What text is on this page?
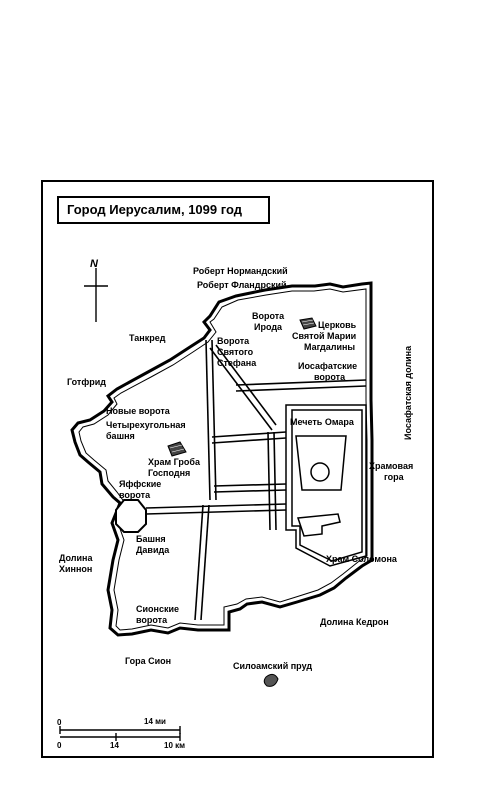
Город Иерусалим, 1099 год
N
Роберт Нормандский
Роберт Фландрский
Танкред
Готфрид
Новые ворота
Четырехугольная
башня
Храм Гроба
Господня
Яффские
ворота
Башня
Давида
Долина
Хиннон
Сионские
ворота
Гора Сион	Силоамский пруд
Долина Кедрон
Храм Соломона
Храмовая
гора
Мечеть Омара
Иосафатские
ворота	Иосафатская долина
Ворота
Ирода
Ворота
Святого
Стефана
Церковь
Святой Марии
Магдалины
0	14 ми
0	14	10 км
